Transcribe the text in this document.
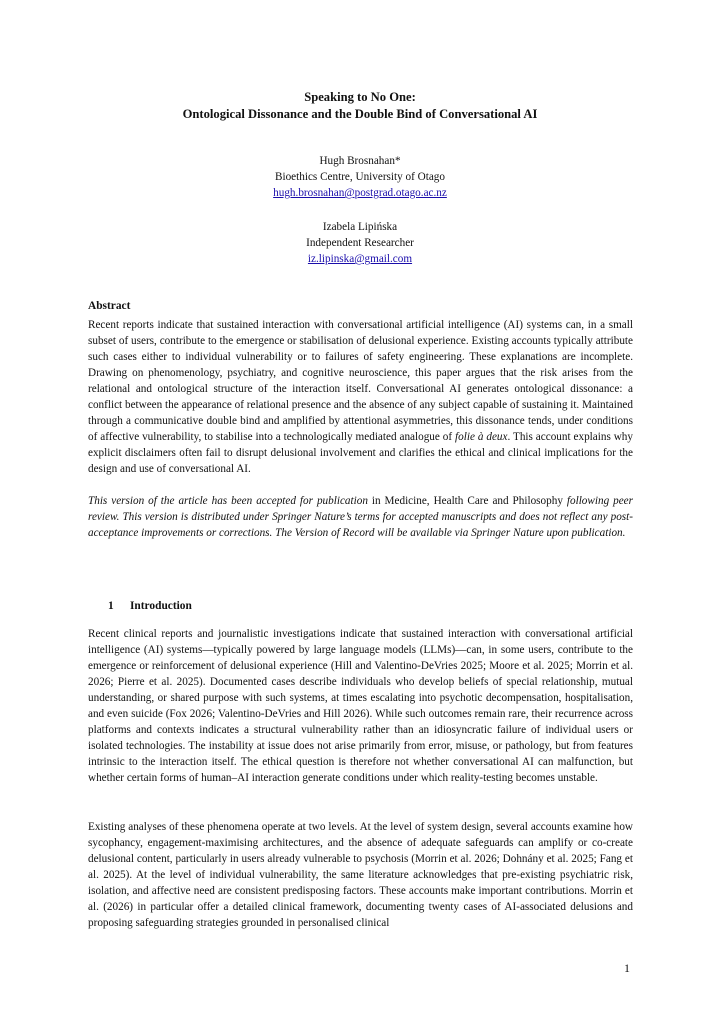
Speaking to No One:
Ontological Dissonance and the Double Bind of Conversational AI
Hugh Brosnahan*
Bioethics Centre, University of Otago
hugh.brosnahan@postgrad.otago.ac.nz
Izabela Lipińska
Independent Researcher
iz.lipinska@gmail.com
Abstract

Recent reports indicate that sustained interaction with conversational artificial intelligence (AI) systems can, in a small subset of users, contribute to the emergence or stabilisation of delusional experience. Existing accounts typically attribute such cases either to individual vulnerability or to failures of safety engineering. These explanations are incomplete. Drawing on phenomenology, psychiatry, and cognitive neuroscience, this paper argues that the risk arises from the relational and ontological structure of the interaction itself. Conversational AI generates ontological dissonance: a conflict between the appearance of relational presence and the absence of any subject capable of sustaining it. Maintained through a communicative double bind and amplified by attentional asymmetries, this dissonance tends, under conditions of affective vulnerability, to stabilise into a technologically mediated analogue of folie à deux. This account explains why explicit disclaimers often fail to disrupt delusional involvement and clarifies the ethical and clinical implications for the design and use of conversational AI.

This version of the article has been accepted for publication in Medicine, Health Care and Philosophy following peer review. This version is distributed under Springer Nature’s terms for accepted manuscripts and does not reflect any post-acceptance improvements or corrections. The Version of Record will be available via Springer Nature upon publication.

1 Introduction

Recent clinical reports and journalistic investigations indicate that sustained interaction with conversational artificial intelligence (AI) systems—typically powered by large language models (LLMs)—can, in some users, contribute to the emergence or reinforcement of delusional experience (Hill and Valentino-DeVries 2025; Moore et al. 2025; Morrin et al. 2026; Pierre et al. 2025). Documented cases describe individuals who develop beliefs of special relationship, mutual understanding, or shared purpose with such systems, at times escalating into psychotic decompensation, hospitalisation, and even suicide (Fox 2026; Valentino-DeVries and Hill 2026). While such outcomes remain rare, their recurrence across platforms and contexts indicates a structural vulnerability rather than an idiosyncratic failure of individual users or isolated technologies. The instability at issue does not arise primarily from error, misuse, or pathology, but from features intrinsic to the interaction itself. The ethical question is therefore not whether conversational AI can malfunction, but whether certain forms of human–AI interaction generate conditions under which reality-testing becomes unstable.

Existing analyses of these phenomena operate at two levels. At the level of system design, several accounts examine how sycophancy, engagement-maximising architectures, and the absence of adequate safeguards can amplify or co-create delusional content, particularly in users already vulnerable to psychosis (Morrin et al. 2026; Dohnány et al. 2025; Fang et al. 2025). At the level of individual vulnerability, the same literature acknowledges that pre-existing psychiatric risk, isolation, and affective need are consistent predisposing factors. These accounts make important contributions. Morrin et al. (2026) in particular offer a detailed clinical framework, documenting twenty cases of AI-associated delusions and proposing safeguarding strategies grounded in personalised clinical

1
